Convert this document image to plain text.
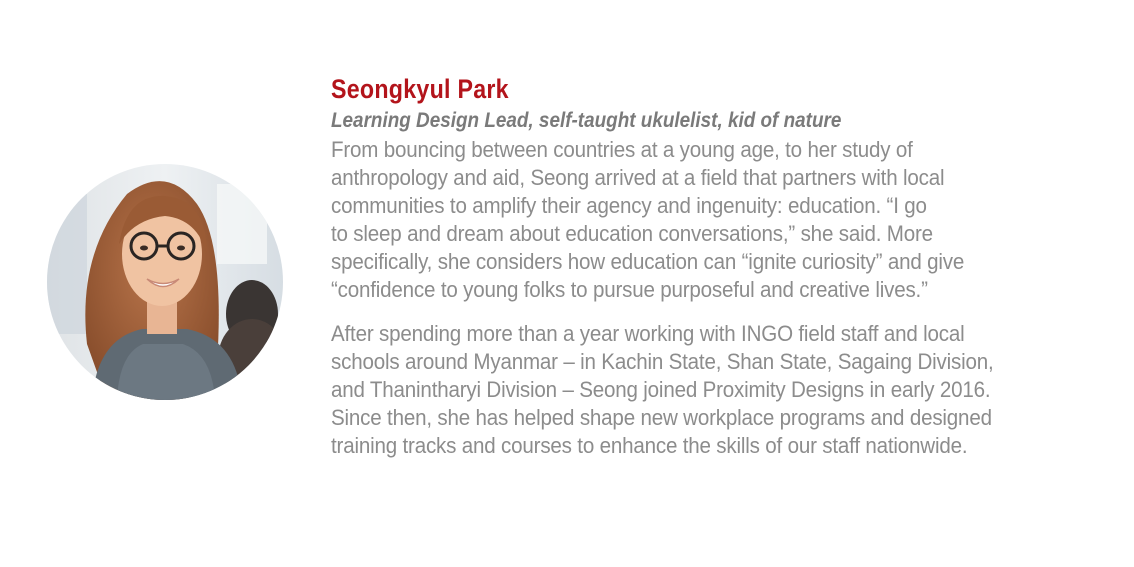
Seongkyul Park
Learning Design Lead, self-taught ukulelist, kid of nature

From bouncing between countries at a young age, to her study of
anthropology and aid, Seong arrived at a field that partners with local
communities to amplify their agency and ingenuity: education. “I go
to sleep and dream about education conversations,” she said. More
specifically, she considers how education can “ignite curiosity” and give
“confidence to young folks to pursue purposeful and creative lives.”

After spending more than a year working with INGO field staff and local
schools around Myanmar – in Kachin State, Shan State, Sagaing Division,
and Thanintharyi Division – Seong joined Proximity Designs in early 2016.
Since then, she has helped shape new workplace programs and designed
training tracks and courses to enhance the skills of our staff nationwide.
